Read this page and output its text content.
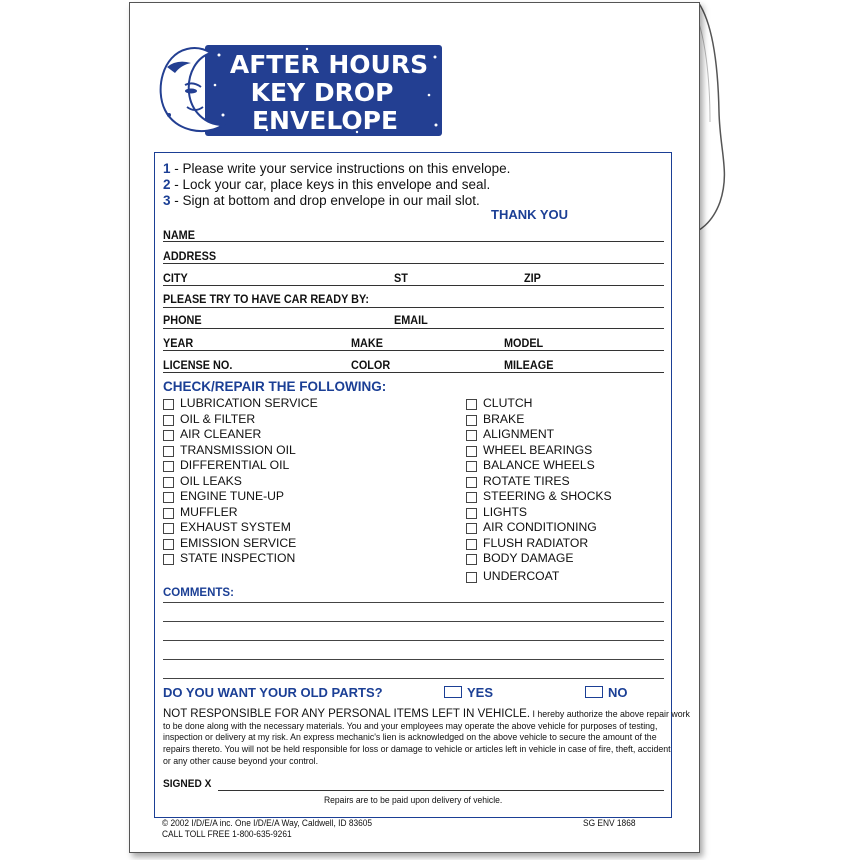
AFTER HOURS
KEY DROP
ENVELOPE
1 - Please write your service instructions on this envelope.
2 - Lock your car, place keys in this envelope and seal.
3 - Sign at bottom and drop envelope in our mail slot.
THANK YOU
NAME
ADDRESS
CITY	ST	ZIP
PLEASE TRY TO HAVE CAR READY BY:
PHONE	EMAIL
YEAR	MAKE	MODEL
LICENSE NO.	COLOR	MILEAGE
CHECK/REPAIR THE FOLLOWING:
LUBRICATION SERVICE
OIL & FILTER
AIR CLEANER
TRANSMISSION OIL
DIFFERENTIAL OIL
OIL LEAKS
ENGINE TUNE-UP
MUFFLER
EXHAUST SYSTEM
EMISSION SERVICE
STATE INSPECTION
CLUTCH
BRAKE
ALIGNMENT
WHEEL BEARINGS
BALANCE WHEELS
ROTATE TIRES
STEERING & SHOCKS
LIGHTS
AIR CONDITIONING
FLUSH RADIATOR
BODY DAMAGE
UNDERCOAT
COMMENTS:
DO YOU WANT YOUR OLD PARTS?	YES	NO
NOT RESPONSIBLE FOR ANY PERSONAL ITEMS LEFT IN VEHICLE. I hereby authorize the above repair work
to be done along with the necessary materials. You and your employees may operate the above vehicle for purposes of testing,
inspection or delivery at my risk. An express mechanic's lien is acknowledged on the above vehicle to secure the amount of the
repairs thereto. You will not be held responsible for loss or damage to vehicle or articles left in vehicle in case of fire, theft, accident
or any other cause beyond your control.
SIGNED X
Repairs are to be paid upon delivery of vehicle.
© 2002 I/D/E/A inc. One I/D/E/A Way, Caldwell, ID 83605
CALL TOLL FREE 1-800-635-9261
SG ENV 1868
